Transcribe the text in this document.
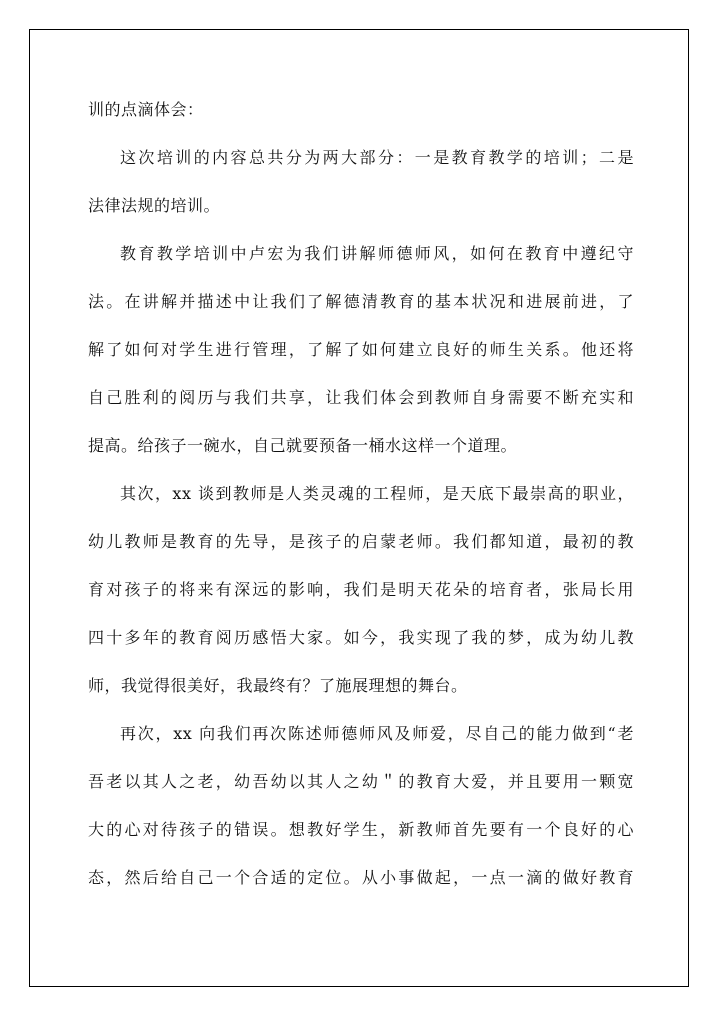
训的点滴体会：

这次培训的内容总共分为两大部分：一是教育教学的培训；二是

法律法规的培训。

教育教学培训中卢宏为我们讲解师德师风，如何在教育中遵纪守

法。在讲解并描述中让我们了解德清教育的基本状况和进展前进，了

解了如何对学生进行管理，了解了如何建立良好的师生关系。他还将

自己胜利的阅历与我们共享，让我们体会到教师自身需要不断充实和

提高。给孩子一碗水，自己就要预备一桶水这样一个道理。

其次，xx 谈到教师是人类灵魂的工程师，是天底下最崇高的职业，

幼儿教师是教育的先导，是孩子的启蒙老师。我们都知道，最初的教

育对孩子的将来有深远的影响，我们是明天花朵的培育者，张局长用

四十多年的教育阅历感悟大家。如今，我实现了我的梦，成为幼儿教

师，我觉得很美好，我最终有？了施展理想的舞台。

再次，xx 向我们再次陈述师德师风及师爱，尽自己的能力做到“老

吾老以其人之老，幼吾幼以其人之幼＂的教育大爱，并且要用一颗宽

大的心对待孩子的错误。想教好学生，新教师首先要有一个良好的心

态，然后给自己一个合适的定位。从小事做起，一点一滴的做好教育
